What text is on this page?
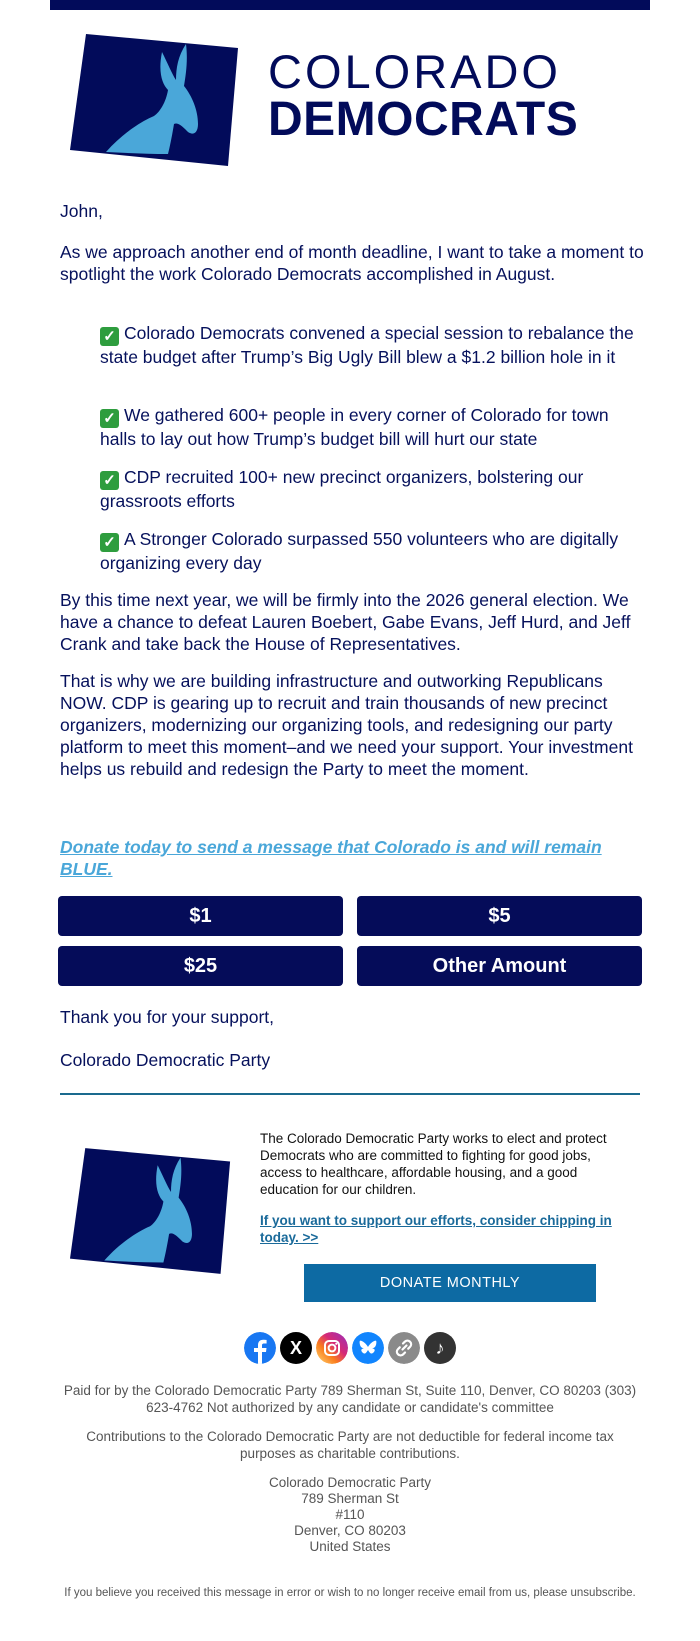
COLORADO
DEMOCRATS
John,
As we approach another end of month deadline, I want to take a moment to spotlight the work Colorado Democrats accomplished in August.
✓ Colorado Democrats convened a special session to rebalance the state budget after Trump’s Big Ugly Bill blew a $1.2 billion hole in it
✓ We gathered 600+ people in every corner of Colorado for town halls to lay out how Trump’s budget bill will hurt our state
✓ CDP recruited 100+ new precinct organizers, bolstering our grassroots efforts
✓ A Stronger Colorado surpassed 550 volunteers who are digitally organizing every day
By this time next year, we will be firmly into the 2026 general election. We have a chance to defeat Lauren Boebert, Gabe Evans, Jeff Hurd, and Jeff Crank and take back the House of Representatives.
That is why we are building infrastructure and outworking Republicans NOW. CDP is gearing up to recruit and train thousands of new precinct organizers, modernizing our organizing tools, and redesigning our party platform to meet this moment–and we need your support. Your investment helps us rebuild and redesign the Party to meet the moment.
Donate today to send a message that Colorado is and will remain BLUE.
$1	$5
$25	Other Amount
Thank you for your support,
Colorado Democratic Party
The Colorado Democratic Party works to elect and protect Democrats who are committed to fighting for good jobs, access to healthcare, affordable housing, and a good education for our children.
If you want to support our efforts, consider chipping in today. >>
DONATE MONTHLY
X	♪
Paid for by the Colorado Democratic Party 789 Sherman St, Suite 110, Denver, CO 80203 (303) 623-4762 Not authorized by any candidate or candidate's committee
Contributions to the Colorado Democratic Party are not deductible for federal income tax purposes as charitable contributions.
Colorado Democratic Party
789 Sherman St
#110
Denver, CO 80203
United States
If you believe you received this message in error or wish to no longer receive email from us, please unsubscribe.
